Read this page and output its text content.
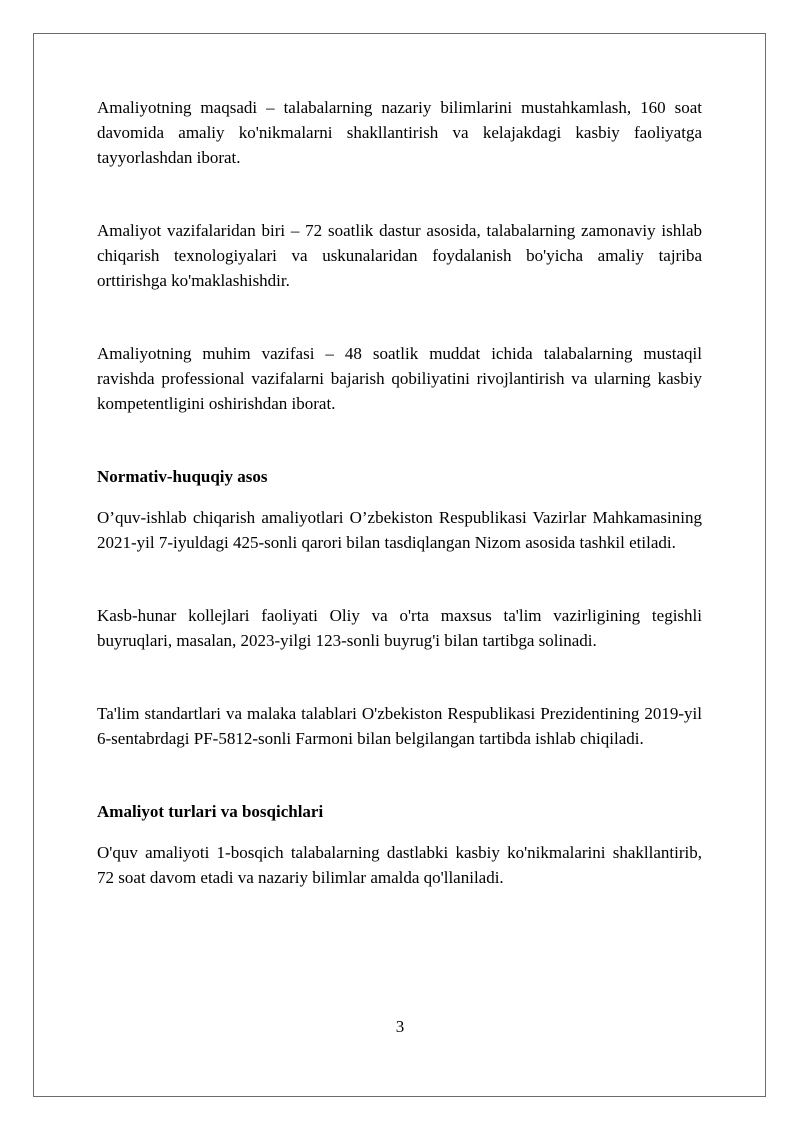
Amaliyotning maqsadi – talabalarning nazariy bilimlarini mustahkamlash, 160 soat davomida amaliy ko'nikmalarni shakllantirish va kelajakdagi kasbiy faoliyatga tayyorlashdan iborat.

Amaliyot vazifalaridan biri – 72 soatlik dastur asosida, talabalarning zamonaviy ishlab chiqarish texnologiyalari va uskunalaridan foydalanish bo'yicha amaliy tajriba orttirishga ko'maklashishdir.

Amaliyotning muhim vazifasi – 48 soatlik muddat ichida talabalarning mustaqil ravishda professional vazifalarni bajarish qobiliyatini rivojlantirish va ularning kasbiy kompetentligini oshirishdan iborat.

Normativ-huquqiy asos

O’quv-ishlab chiqarish amaliyotlari O’zbekiston Respublikasi Vazirlar Mahkamasining 2021-yil 7-iyuldagi 425-sonli qarori bilan tasdiqlangan Nizom asosida tashkil etiladi.

Kasb-hunar kollejlari faoliyati Oliy va o'rta maxsus ta'lim vazirligining tegishli buyruqlari, masalan, 2023-yilgi 123-sonli buyrug'i bilan tartibga solinadi.

Ta'lim standartlari va malaka talablari O'zbekiston Respublikasi Prezidentining 2019-yil 6-sentabrdagi PF-5812-sonli Farmoni bilan belgilangan tartibda ishlab chiqiladi.

Amaliyot turlari va bosqichlari

O'quv amaliyoti 1-bosqich talabalarning dastlabki kasbiy ko'nikmalarini shakllantirib, 72 soat davom etadi va nazariy bilimlar amalda qo'llaniladi.

3
